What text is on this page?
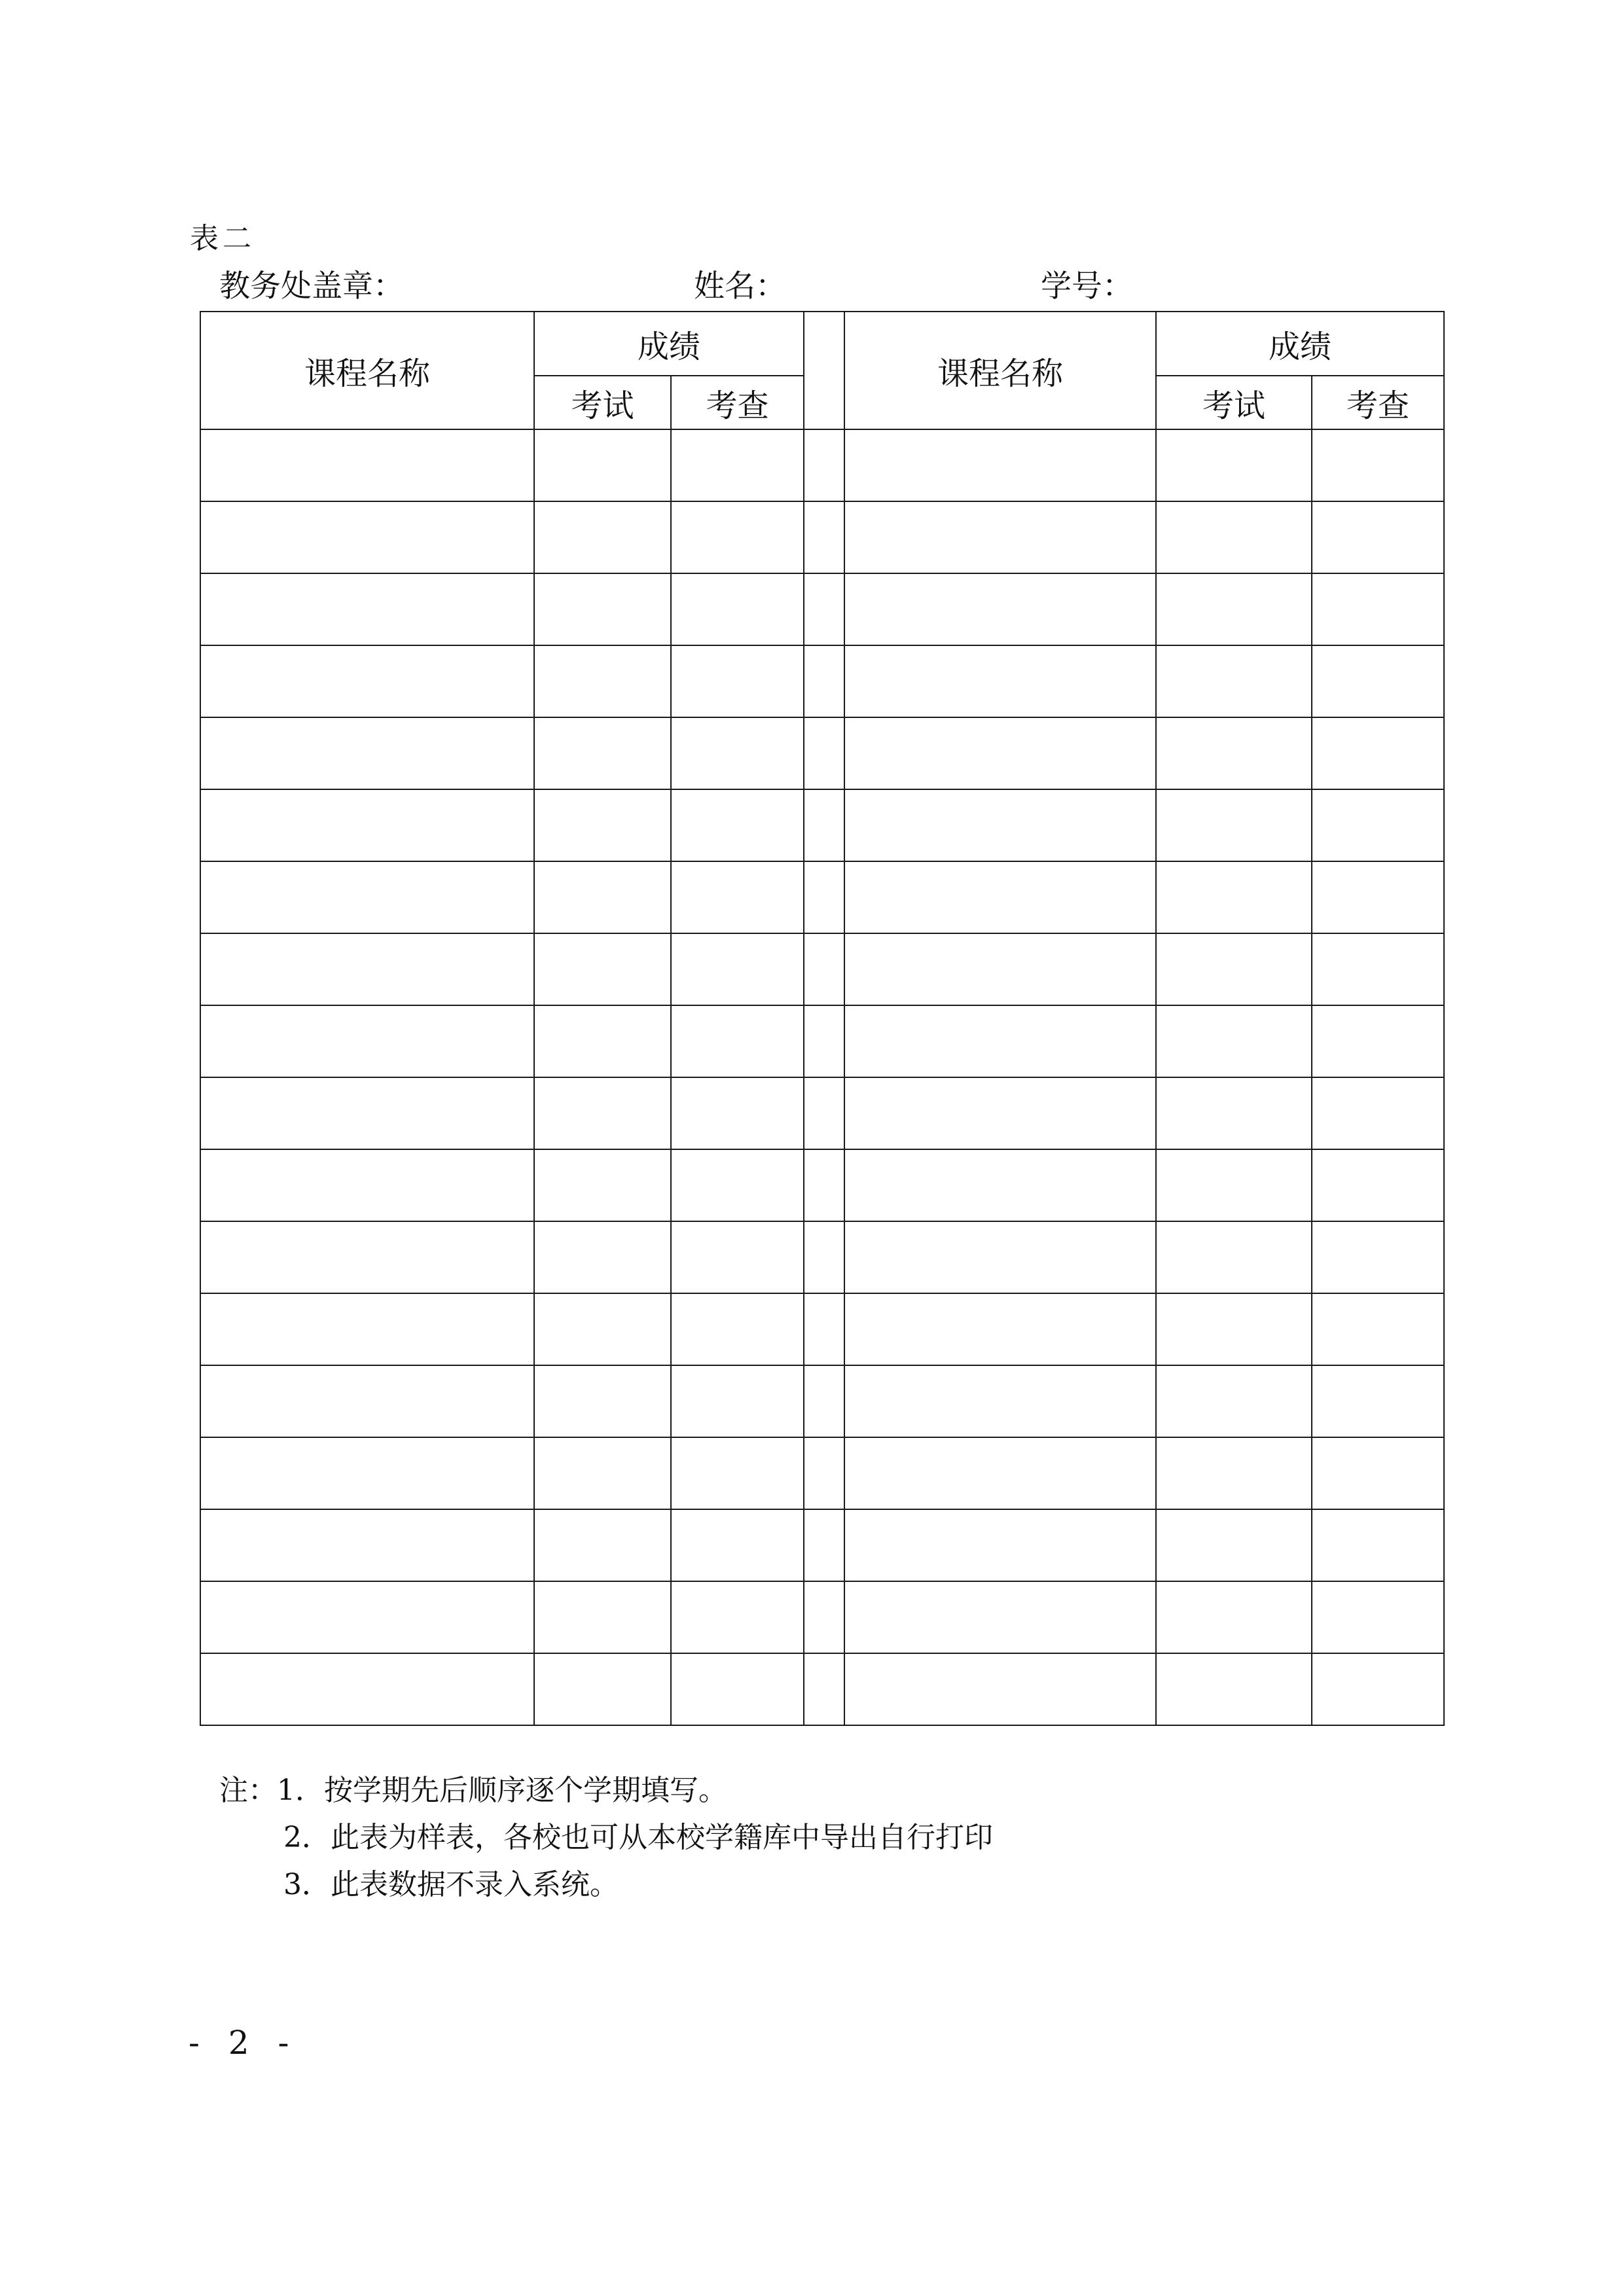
表二
教务处盖章：	姓名：	学号：
课程名称	成绩			课程名称	成绩	
	考试	考查			考试	考查

注：1．按学期先后顺序逐个学期填写。
2．此表为样表，各校也可从本校学籍库中导出自行打印
3．此表数据不录入系统。
- 2 -
